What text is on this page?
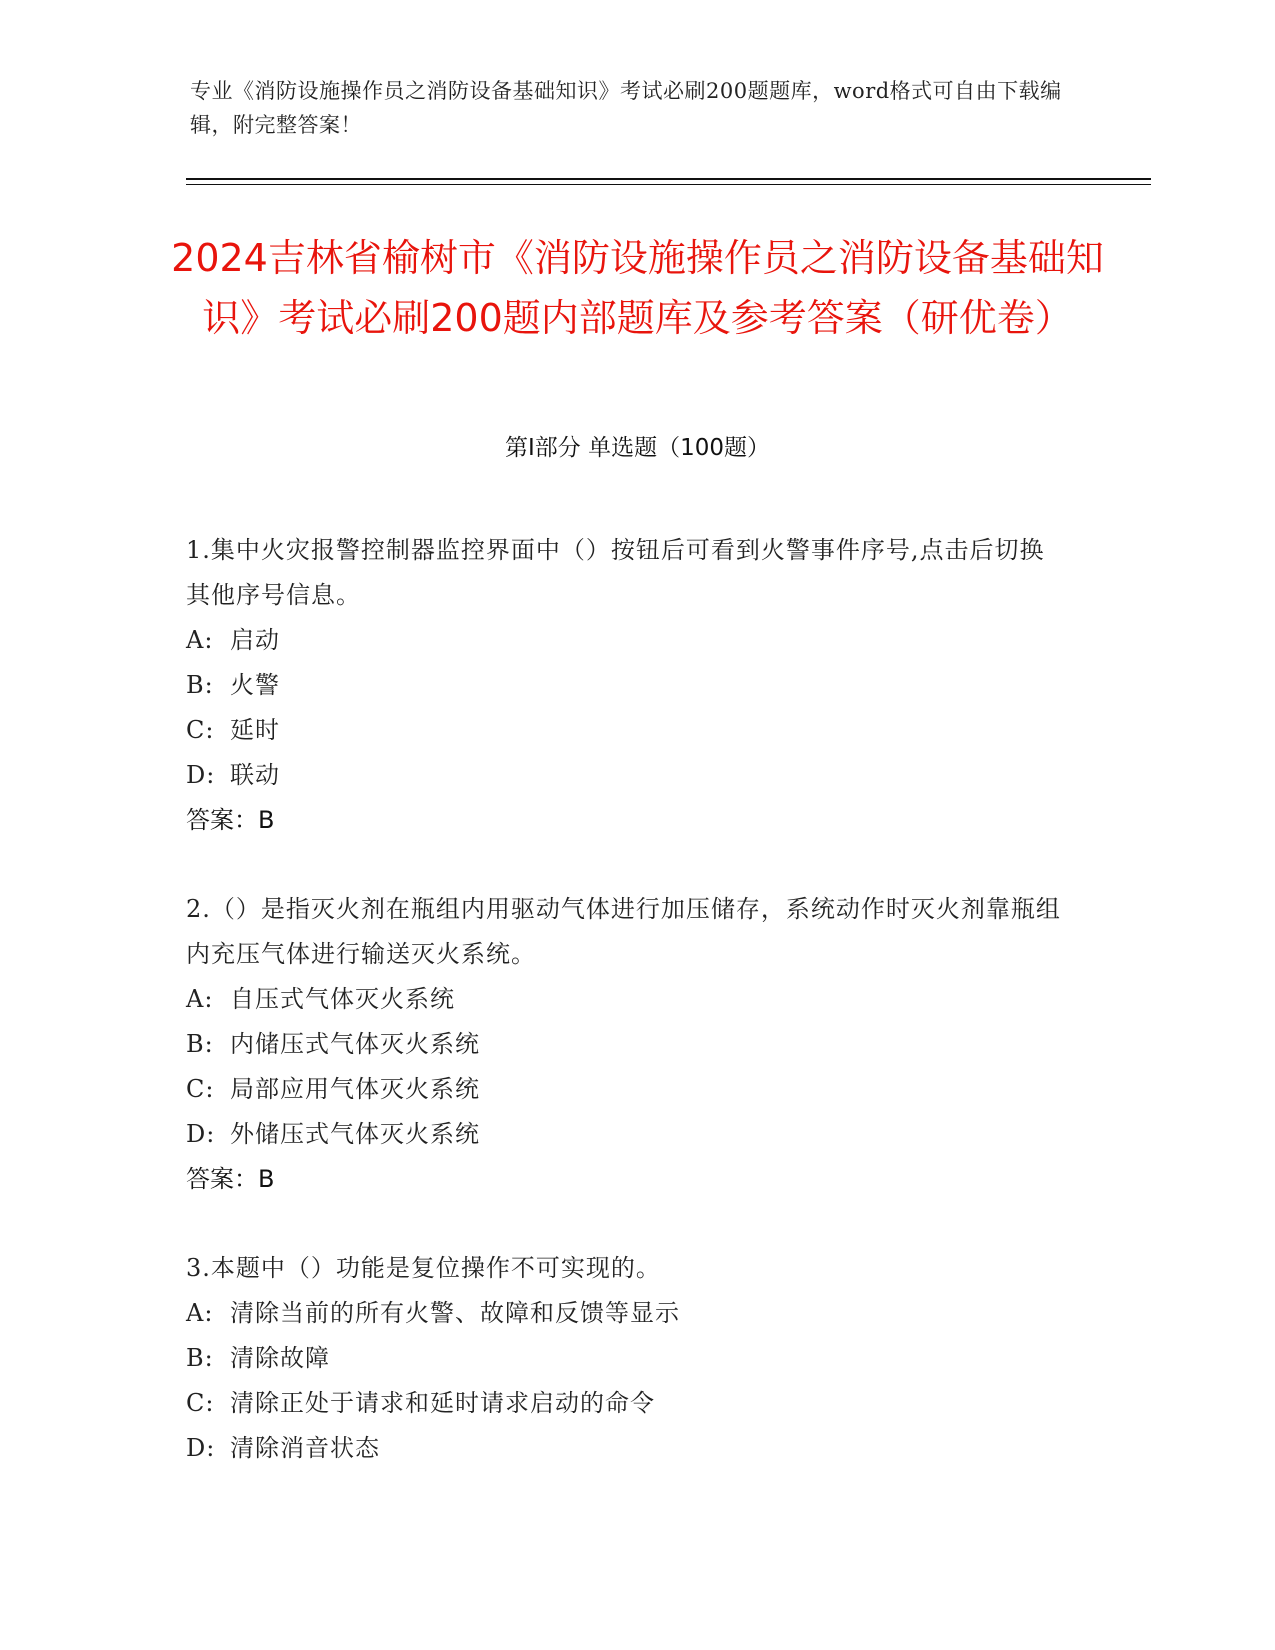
专业《消防设施操作员之消防设备基础知识》考试必刷200题题库，word格式可自由下载编辑，附完整答案！
2024吉林省榆树市《消防设施操作员之消防设备基础知识》考试必刷200题内部题库及参考答案（研优卷）
第Ⅰ部分 单选题（100题）
1.集中火灾报警控制器监控界面中（）按钮后可看到火警事件序号,点击后切换其他序号信息。
A: 启动
B: 火警
C: 延时
D: 联动
答案：B
2.（）是指灭火剂在瓶组内用驱动气体进行加压储存，系统动作时灭火剂靠瓶组内充压气体进行输送灭火系统。
A: 自压式气体灭火系统
B: 内储压式气体灭火系统
C: 局部应用气体灭火系统
D: 外储压式气体灭火系统
答案：B
3.本题中（）功能是复位操作不可实现的。
A: 清除当前的所有火警、故障和反馈等显示
B: 清除故障
C: 清除正处于请求和延时请求启动的命令
D: 清除消音状态
